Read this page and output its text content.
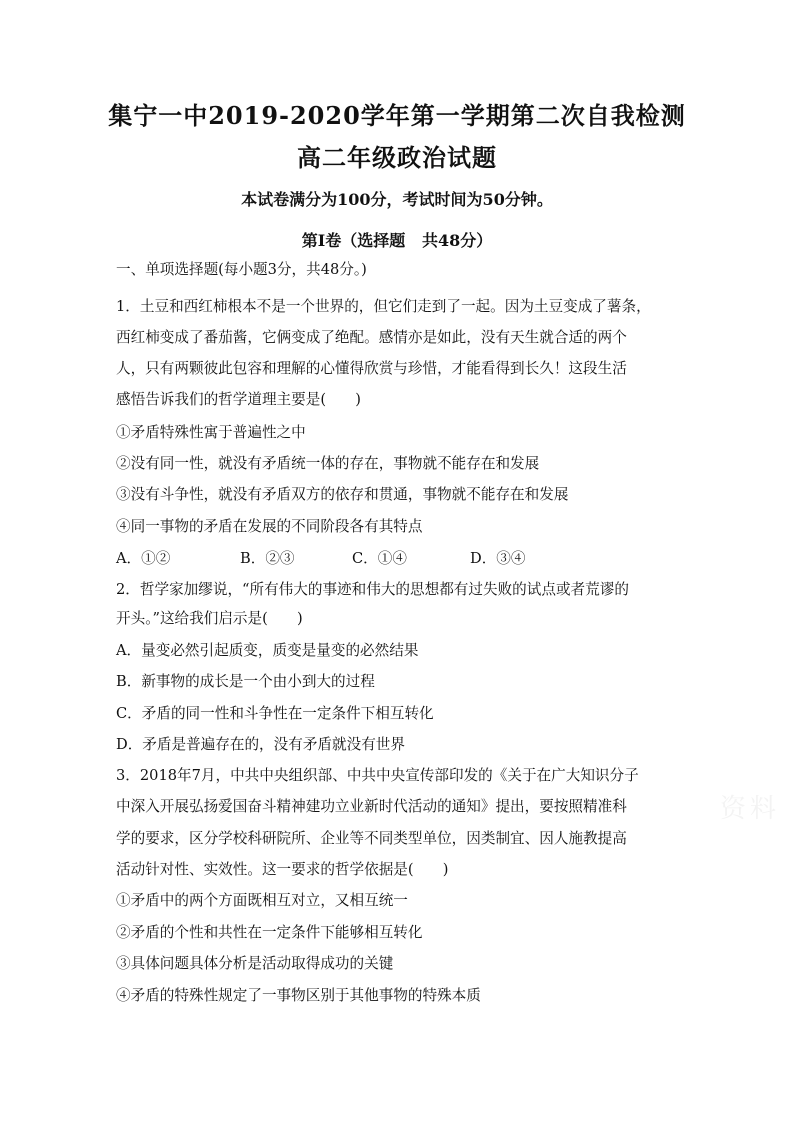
集宁一中2019-2020学年第一学期第二次自我检测
高二年级政治试题
本试卷满分为100分，考试时间为50分钟。
第Ⅰ卷（选择题   共48分）
一、单项选择题(每小题3分，共48分。)
1．土豆和西红柿根本不是一个世界的，但它们走到了一起。因为土豆变成了薯条，
西红柿变成了番茄酱，它俩变成了绝配。感情亦是如此，没有天生就合适的两个
人，只有两颗彼此包容和理解的心懂得欣赏与珍惜，才能看得到长久！这段生活
感悟告诉我们的哲学道理主要是(　　)
①矛盾特殊性寓于普遍性之中
②没有同一性，就没有矛盾统一体的存在，事物就不能存在和发展
③没有斗争性，就没有矛盾双方的依存和贯通，事物就不能存在和发展
④同一事物的矛盾在发展的不同阶段各有其特点
A．①②	B．②③	C．①④	D．③④
2．哲学家加缪说，“所有伟大的事迹和伟大的思想都有过失败的试点或者荒谬的
开头。”这给我们启示是(　　)
A．量变必然引起质变，质变是量变的必然结果
B．新事物的成长是一个由小到大的过程
C．矛盾的同一性和斗争性在一定条件下相互转化
D．矛盾是普遍存在的，没有矛盾就没有世界
3．2018年7月，中共中央组织部、中共中央宣传部印发的《关于在广大知识分子
中深入开展弘扬爱国奋斗精神建功立业新时代活动的通知》提出，要按照精准科
学的要求，区分学校科研院所、企业等不同类型单位，因类制宜、因人施教提高
活动针对性、实效性。这一要求的哲学依据是(　　)
①矛盾中的两个方面既相互对立，又相互统一
②矛盾的个性和共性在一定条件下能够相互转化
③具体问题具体分析是活动取得成功的关键
④矛盾的特殊性规定了一事物区别于其他事物的特殊本质
资料
